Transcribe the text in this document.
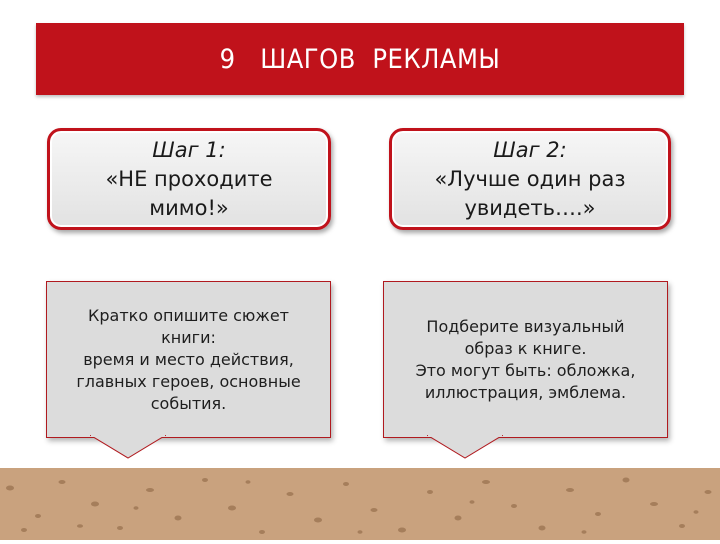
9   ШАГОВ  РЕКЛАМЫ
Шаг 1:
«НЕ проходите
мимо!»
Шаг 2:
«Лучше один раз
увидеть….»
Кратко опишите сюжет
книги:
время и место действия,
главных героев, основные
события.
Подберите визуальный
образ к книге.
Это могут быть: обложка,
иллюстрация, эмблема.
